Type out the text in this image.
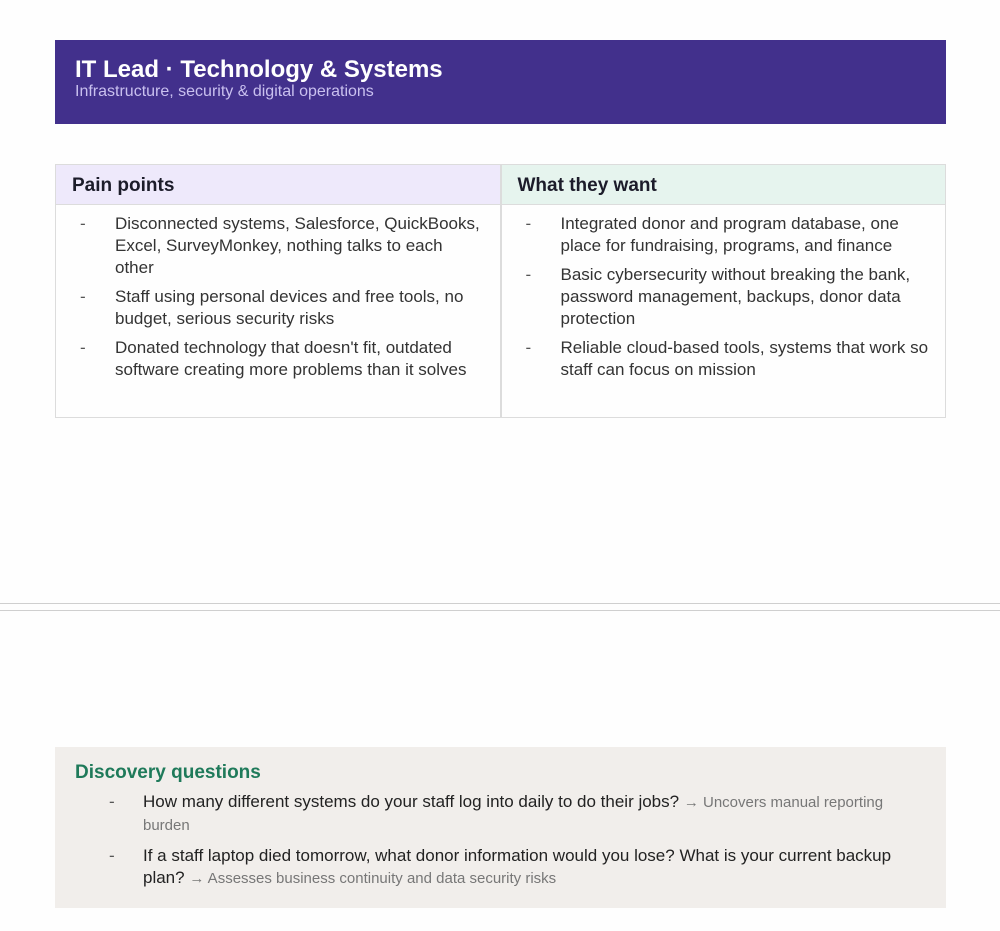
IT Lead · Technology & Systems
Infrastructure, security & digital operations
Pain points
- Disconnected systems, Salesforce, QuickBooks, Excel, SurveyMonkey, nothing talks to each other
- Staff using personal devices and free tools, no budget, serious security risks
- Donated technology that doesn't fit, outdated software creating more problems than it solves
What they want
- Integrated donor and program database, one place for fundraising, programs, and finance
- Basic cybersecurity without breaking the bank, password management, backups, donor data protection
- Reliable cloud-based tools, systems that work so staff can focus on mission
Discovery questions
- How many different systems do your staff log into daily to do their jobs? → Uncovers manual reporting burden
- If a staff laptop died tomorrow, what donor information would you lose? What is your current backup plan? → Assesses business continuity and data security risks
